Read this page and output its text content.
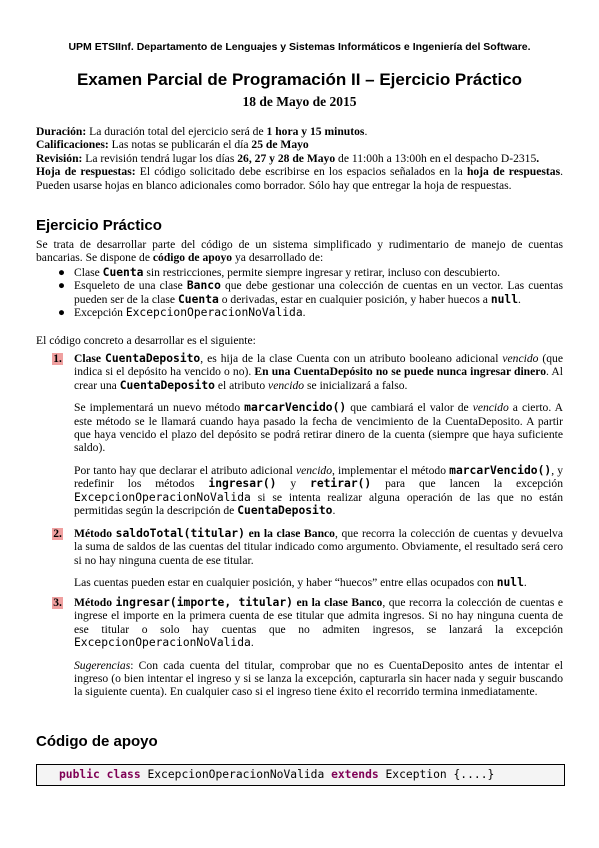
UPM ETSIInf. Departamento de Lenguajes y Sistemas Informáticos e Ingeniería del Software.
Examen Parcial de Programación II – Ejercicio Práctico
18 de Mayo de 2015
Duración: La duración total del ejercicio será de 1 hora y 15 minutos.
Calificaciones: Las notas se publicarán el día 25 de Mayo
Revisión: La revisión tendrá lugar los días 26, 27 y 28 de Mayo de 11:00h a 13:00h en el despacho D-2315.
Hoja de respuestas: El código solicitado debe escribirse en los espacios señalados en la hoja de respuestas. Pueden usarse hojas en blanco adicionales como borrador. Sólo hay que entregar la hoja de respuestas.
Ejercicio Práctico
Se trata de desarrollar parte del código de un sistema simplificado y rudimentario de manejo de cuentas bancarias. Se dispone de código de apoyo ya desarrollado de:
● Clase Cuenta sin restricciones, permite siempre ingresar y retirar, incluso con descubierto.
● Esqueleto de una clase Banco que debe gestionar una colección de cuentas en un vector. Las cuentas pueden ser de la clase Cuenta o derivadas, estar en cualquier posición, y haber huecos a null.
● Excepción ExcepcionOperacionNoValida.
El código concreto a desarrollar es el siguiente:
1. Clase CuentaDeposito, es hija de la clase Cuenta con un atributo booleano adicional vencido (que indica si el depósito ha vencido o no). En una CuentaDepósito no se puede nunca ingresar dinero. Al crear una CuentaDeposito el atributo vencido se inicializará a falso.
Se implementará un nuevo método marcarVencido() que cambiará el valor de vencido a cierto. A este método se le llamará cuando haya pasado la fecha de vencimiento de la CuentaDeposito. A partir que haya vencido el plazo del depósito se podrá retirar dinero de la cuenta (siempre que haya suficiente saldo).
Por tanto hay que declarar el atributo adicional vencido, implementar el método marcarVencido(), y redefinir los métodos ingresar() y retirar() para que lancen la excepción ExcepcionOperacionNoValida si se intenta realizar alguna operación de las que no están permitidas según la descripción de CuentaDeposito.
2. Método saldoTotal(titular) en la clase Banco, que recorra la colección de cuentas y devuelva la suma de saldos de las cuentas del titular indicado como argumento. Obviamente, el resultado será cero si no hay ninguna cuenta de ese titular.
Las cuentas pueden estar en cualquier posición, y haber “huecos” entre ellas ocupados con null.
3. Método ingresar(importe, titular) en la clase Banco, que recorra la colección de cuentas e ingrese el importe en la primera cuenta de ese titular que admita ingresos. Si no hay ninguna cuenta de ese titular o solo hay cuentas que no admiten ingresos, se lanzará la excepción ExcepcionOperacionNoValida.
Sugerencias: Con cada cuenta del titular, comprobar que no es CuentaDeposito antes de intentar el ingreso (o bien intentar el ingreso y si se lanza la excepción, capturarla sin hacer nada y seguir buscando la siguiente cuenta). En cualquier caso si el ingreso tiene éxito el recorrido termina inmediatamente.
Código de apoyo
public class ExcepcionOperacionNoValida extends Exception {....}
